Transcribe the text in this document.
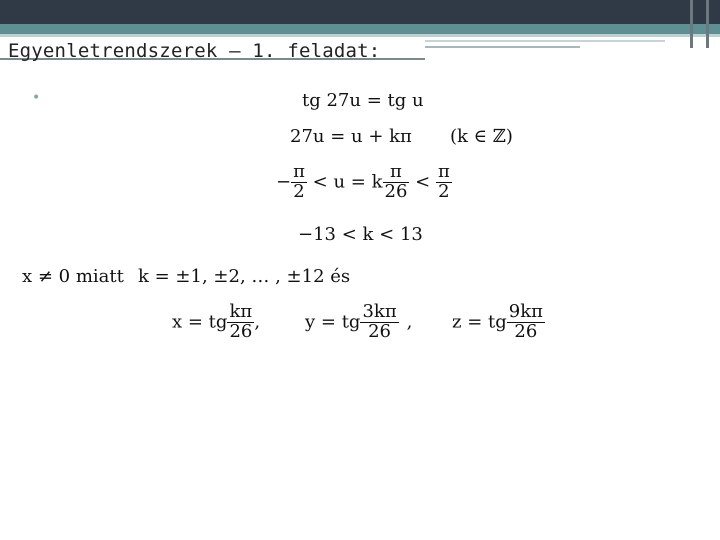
Egyenletrendszerek – 1. feladat:
•	tg 27u = tg u
27u = u + kπ (k ∈ ℤ)
− $\frac{\pi}{2} < u = k \frac{\pi}{26} < \frac{\pi}{2}$
−13 < k < 13
x ≠ 0 miatt k = ±1, ±2, … , ±12 és
x = tg $\frac{k\pi}{26}$ , y = tg $\frac{3k\pi}{26}$ , z = tg $\frac{9k\pi}{26}$
